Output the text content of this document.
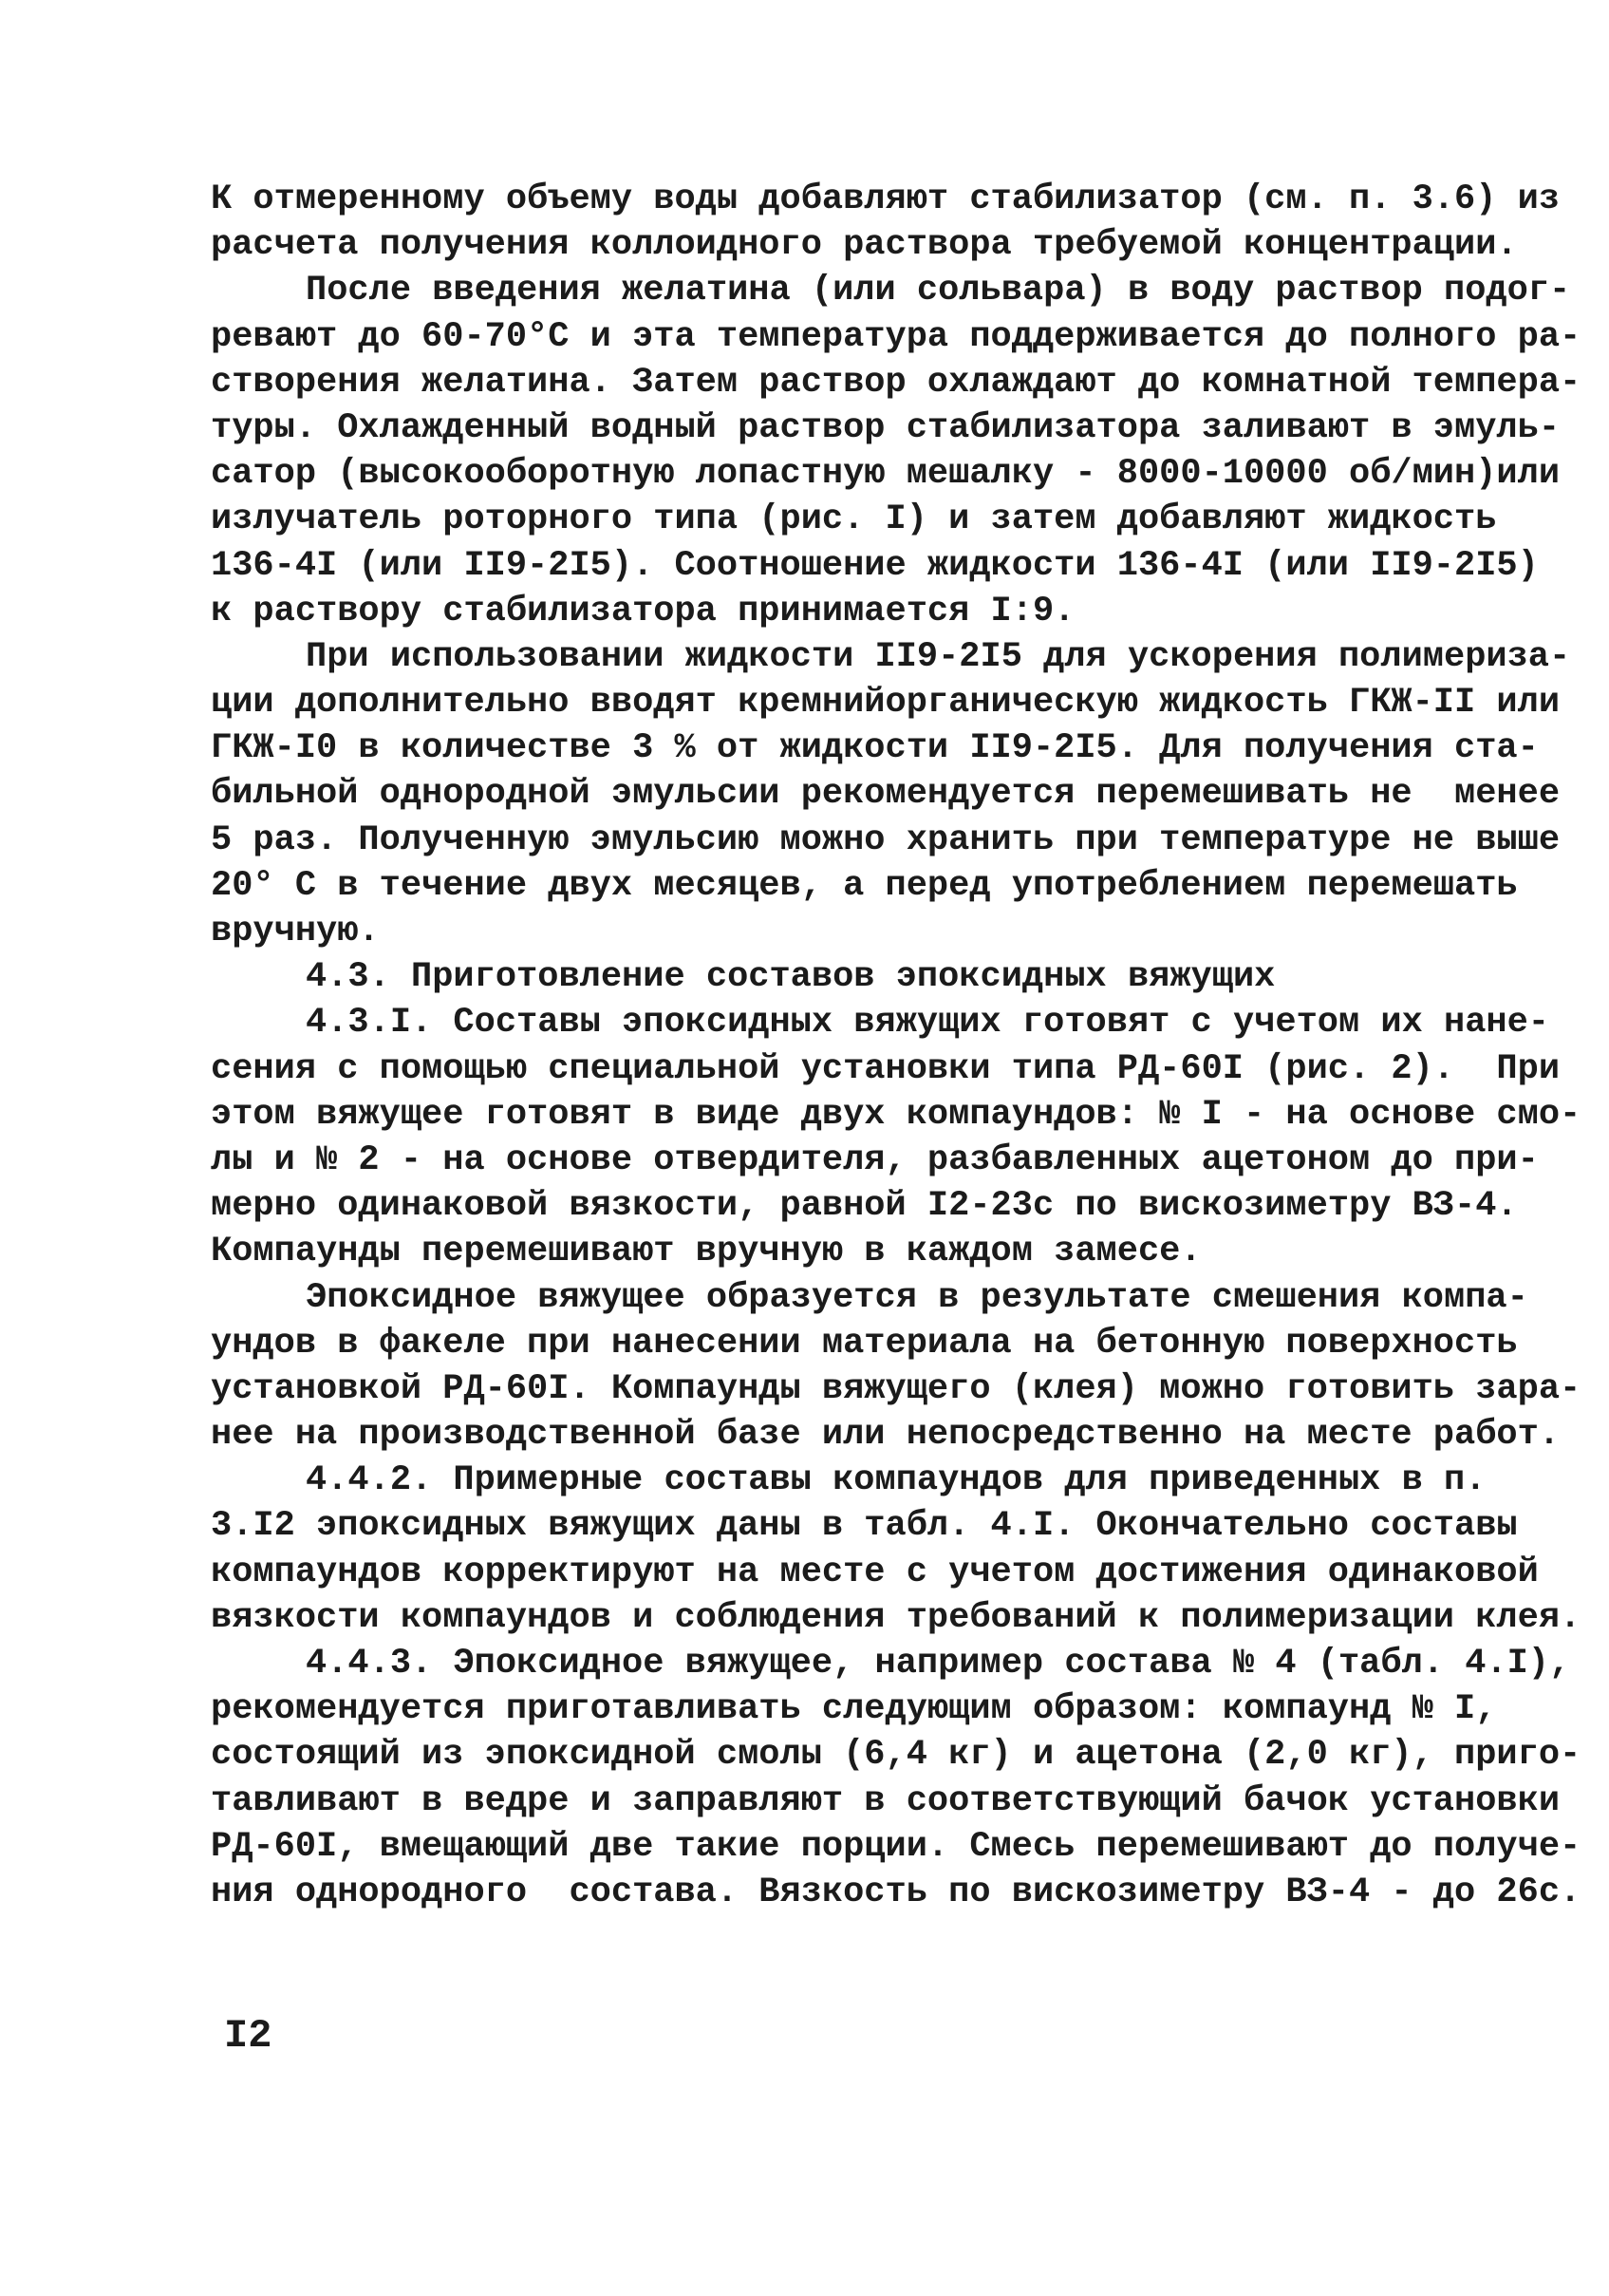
К отмеренному объему воды добавляют стабилизатор (см. п. 3.6) из
расчета получения коллоидного раствора требуемой концентрации.
После введения желатина (или сольвара) в воду раствор подог-
ревают до 60-70°С и эта температура поддерживается до полного ра-
створения желатина. Затем раствор охлаждают до комнатной темпера-
туры. Охлажденный водный раствор стабилизатора заливают в эмуль-
сатор (высокооборотную лопастную мешалку - 8000-10000 об/мин)или
излучатель роторного типа (рис. I) и затем добавляют жидкость
136-4I (или II9-2I5). Соотношение жидкости 136-4I (или II9-2I5)
к раствору стабилизатора принимается I:9.
При использовании жидкости II9-2I5 для ускорения полимериза-
ции дополнительно вводят кремнийорганическую жидкость ГКЖ-II или
ГКЖ-I0 в количестве 3 % от жидкости II9-2I5. Для получения ста-
бильной однородной эмульсии рекомендуется перемешивать не  менее
5 раз. Полученную эмульсию можно хранить при температуре не выше
20° С в течение двух месяцев, а перед употреблением перемешать
вручную.
4.3. Приготовление составов эпоксидных вяжущих
4.3.I. Составы эпоксидных вяжущих готовят с учетом их нане-
сения с помощью специальной установки типа РД-60I (рис. 2).  При
этом вяжущее готовят в виде двух компаундов: № I - на основе смо-
лы и № 2 - на основе отвердителя, разбавленных ацетоном до при-
мерно одинаковой вязкости, равной I2-23с по вискозиметру ВЗ-4.
Компаунды перемешивают вручную в каждом замесе.
Эпоксидное вяжущее образуется в результате смешения компа-
ундов в факеле при нанесении материала на бетонную поверхность
установкой РД-60I. Компаунды вяжущего (клея) можно готовить зара-
нее на производственной базе или непосредственно на месте работ.
4.4.2. Примерные составы компаундов для приведенных в п.
3.I2 эпоксидных вяжущих даны в табл. 4.I. Окончательно составы
компаундов корректируют на месте с учетом достижения одинаковой
вязкости компаундов и соблюдения требований к полимеризации клея.
4.4.3. Эпоксидное вяжущее, например состава № 4 (табл. 4.I),
рекомендуется приготавливать следующим образом: компаунд № I,
состоящий из эпоксидной смолы (6,4 кг) и ацетона (2,0 кг), приго-
тавливают в ведре и заправляют в соответствующий бачок установки
РД-60I, вмещающий две такие порции. Смесь перемешивают до получе-
ния однородного  состава. Вязкость по вискозиметру ВЗ-4 - до 26с.
I2
